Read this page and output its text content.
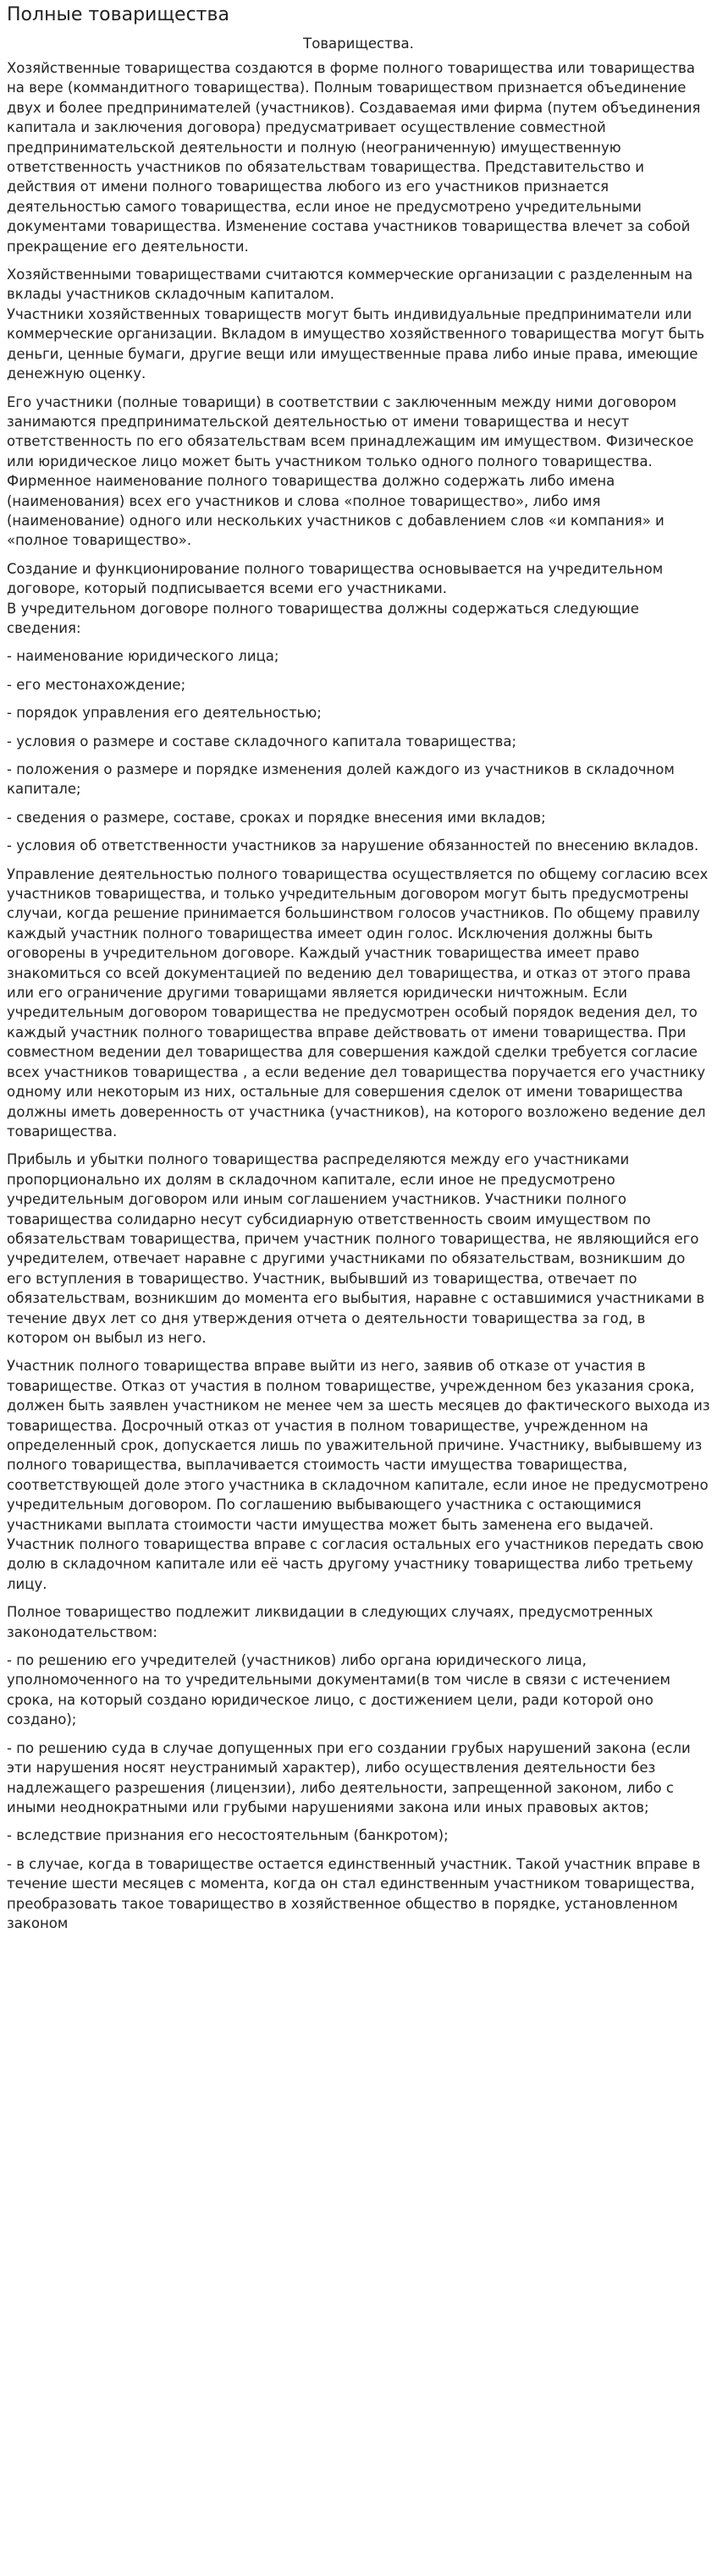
Полные товарищества
Товарищества.

Хозяйственные товарищества создаются в форме полного товарищества или товарищества на вере (коммандитного товарищества). Полным товариществом признается объединение двух и более предпринимателей (участников). Создаваемая ими фирма (путем объединения капитала и заключения договора) предусматривает осуществление совместной предпринимательской деятельности и полную (неограниченную) имущественную ответственность участников по обязательствам товарищества. Представительство и действия от имени полного товарищества любого из его участников признается деятельностью самого товарищества, если иное не предусмотрено учредительными документами товарищества. Изменение состава участников товарищества влечет за собой прекращение его деятельности.

Хозяйственными товариществами считаются коммерческие организации с разделенным на вклады участников складочным капиталом.
Участники хозяйственных товариществ могут быть индивидуальные предприниматели или коммерческие организации. Вкладом в имущество хозяйственного товарищества могут быть деньги, ценные бумаги, другие вещи или имущественные права либо иные права, имеющие денежную оценку.

Его участники (полные товарищи) в соответствии с заключенным между ними договором занимаются предпринимательской деятельностью от имени товарищества и несут ответственность по его обязательствам всем принадлежащим им имуществом. Физическое или юридическое лицо может быть участником только одного полного товарищества. Фирменное наименование полного товарищества должно содержать либо имена (наименования) всех его участников и слова «полное товарищество», либо имя (наименование) одного или нескольких участников с добавлением слов «и компания» и «полное товарищество».

Создание и функционирование полного товарищества основывается на учредительном договоре, который подписывается всеми его участниками.
В учредительном договоре полного товарищества должны содержаться следующие сведения:

- наименование юридического лица;

- его местонахождение;

- порядок управления его деятельностью;

- условия о размере и составе складочного капитала товарищества;

- положения о размере и порядке изменения долей каждого из участников в складочном капитале;

- сведения о размере, составе, сроках и порядке внесения ими вкладов;

- условия об ответственности участников за нарушение обязанностей по внесению вкладов.

Управление деятельностью полного товарищества осуществляется по общему согласию всех участников товарищества, и только учредительным договором могут быть предусмотрены случаи, когда решение принимается большинством голосов участников. По общему правилу каждый участник полного товарищества имеет один голос. Исключения должны быть оговорены в учредительном договоре. Каждый участник товарищества имеет право знакомиться со всей документацией по ведению дел товарищества, и отказ от этого права или его ограничение другими товарищами является юридически ничтожным. Если учредительным договором товарищества не предусмотрен особый порядок ведения дел, то каждый участник полного товарищества вправе действовать от имени товарищества. При совместном ведении дел товарищества для совершения каждой сделки требуется согласие всех участников товарищества , а если ведение дел товарищества поручается его участнику одному или некоторым из них, остальные для совершения сделок от имени товарищества должны иметь доверенность от участника (участников), на которого возложено ведение дел товарищества.

Прибыль и убытки полного товарищества распределяются между его участниками пропорционально их долям в складочном капитале, если иное не предусмотрено учредительным договором или иным соглашением участников. Участники полного товарищества солидарно несут субсидиарную ответственность своим имуществом по обязательствам товарищества, причем участник полного товарищества, не являющийся его учредителем, отвечает наравне с другими участниками по обязательствам, возникшим до его вступления в товарищество. Участник, выбывший из товарищества, отвечает по обязательствам, возникшим до момента его выбытия, наравне с оставшимися участниками в течение двух лет со дня утверждения отчета о деятельности товарищества за год, в котором он выбыл из него.

Участник полного товарищества вправе выйти из него, заявив об отказе от участия в товариществе. Отказ от участия в полном товариществе, учрежденном без указания срока, должен быть заявлен участником не менее чем за шесть месяцев до фактического выхода из товарищества. Досрочный отказ от участия в полном товариществе, учрежденном на определенный срок, допускается лишь по уважительной причине. Участнику, выбывшему из полного товарищества, выплачивается стоимость части имущества товарищества, соответствующей доле этого участника в складочном капитале, если иное не предусмотрено учредительным договором. По соглашению выбывающего участника с остающимися участниками выплата стоимости части имущества может быть заменена его выдачей. Участник полного товарищества вправе с согласия остальных его участников передать свою долю в складочном капитале или её часть другому участнику товарищества либо третьему лицу.

Полное товарищество подлежит ликвидации в следующих случаях, предусмотренных законодательством:

- по решению его учредителей (участников) либо органа юридического лица, уполномоченного на то учредительными документами(в том числе в связи с истечением срока, на который создано юридическое лицо, с достижением цели, ради которой оно создано);

- по решению суда в случае допущенных при его создании грубых нарушений закона (если эти нарушения носят неустранимый характер), либо осуществления деятельности без надлежащего разрешения (лицензии), либо деятельности, запрещенной законом, либо с иными неоднократными или грубыми нарушениями закона или иных правовых актов;

- вследствие признания его несостоятельным (банкротом);

- в случае, когда в товариществе остается единственный участник. Такой участник вправе в течение шести месяцев с момента, когда он стал единственным участником товарищества, преобразовать такое товарищество в хозяйственное общество в порядке, установленном законом
